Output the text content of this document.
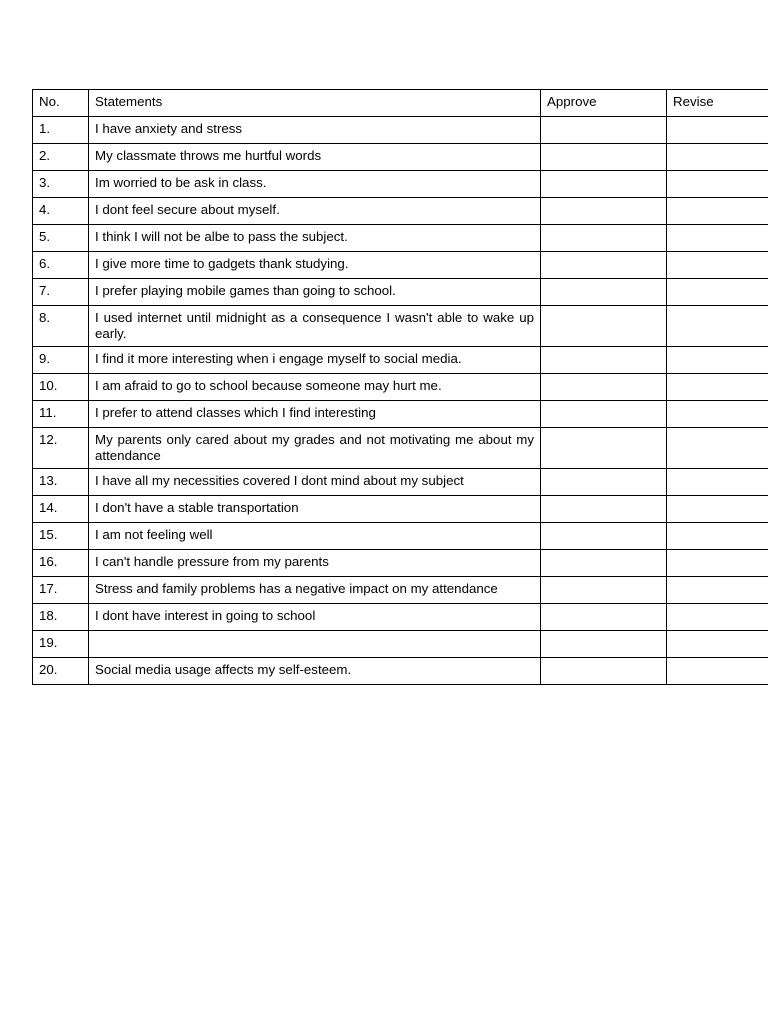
No.	Statements	Approve	Revise
1.	I have anxiety and stress		
2.	My classmate throws me hurtful words		
3.	Im worried to be ask in class.		
4.	I dont feel secure about myself.		
5.	I think I will not be albe to pass the subject.		
6.	I give more time to gadgets thank studying.		
7.	I prefer playing mobile games than going to school.		
8.	I used internet until midnight as a consequence I wasn't able to wake up early.		
9.	I find it more interesting when i engage myself to social media.		
10.	I am afraid to go to school because someone may hurt me.		
11.	I prefer to attend classes which I find interesting		
12.	My parents only cared about my grades and not motivating me about my attendance		
13.	I have all my necessities covered I dont mind about my subject		
14.	I don't have a stable transportation		
15.	I am not feeling well		
16.	I can't handle pressure from my parents		
17.	Stress and family problems has a negative impact on my attendance		
18.	I dont have interest in going to school		
19.			
20.	Social media usage affects my self-esteem.		
